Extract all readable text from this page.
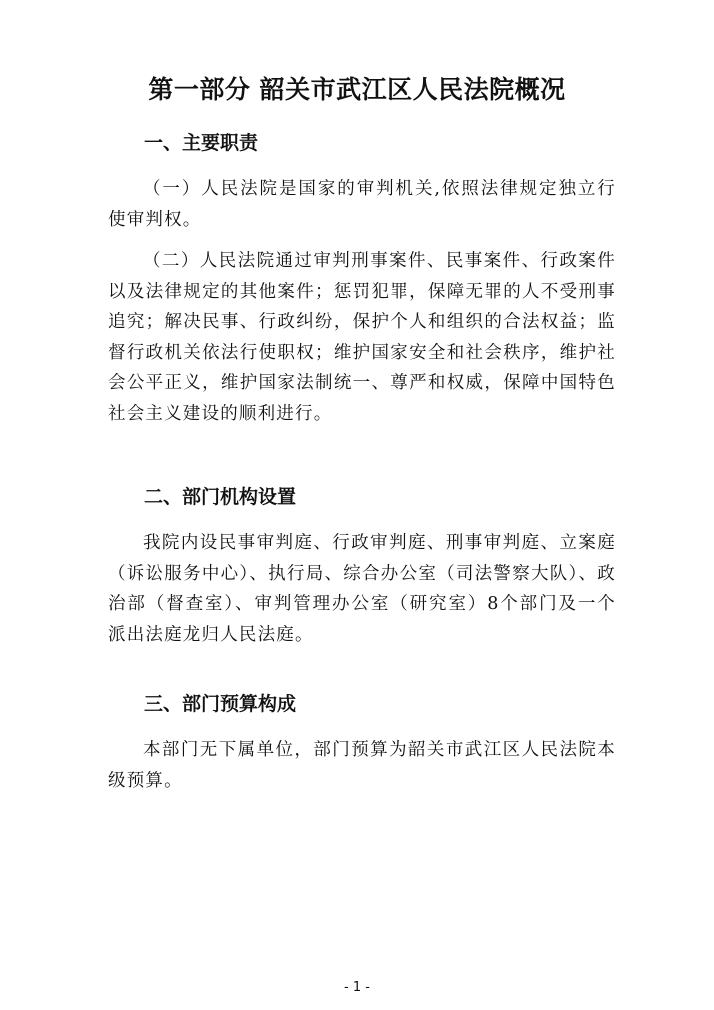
第一部分 韶关市武江区人民法院概况
一、主要职责

（一）人民法院是国家的审判机关,依照法律规定独立行使审判权。

（二）人民法院通过审判刑事案件、民事案件、行政案件以及法律规定的其他案件；惩罚犯罪，保障无罪的人不受刑事追究；解决民事、行政纠纷，保护个人和组织的合法权益；监督行政机关依法行使职权；维护国家安全和社会秩序，维护社会公平正义，维护国家法制统一、尊严和权威，保障中国特色社会主义建设的顺利进行。

二、部门机构设置

我院内设民事审判庭、行政审判庭、刑事审判庭、立案庭（诉讼服务中心）、执行局、综合办公室（司法警察大队）、政治部（督查室）、审判管理办公室（研究室）8个部门及一个派出法庭龙归人民法庭。

三、部门预算构成

本部门无下属单位，部门预算为韶关市武江区人民法院本级预算。

- 1 -
